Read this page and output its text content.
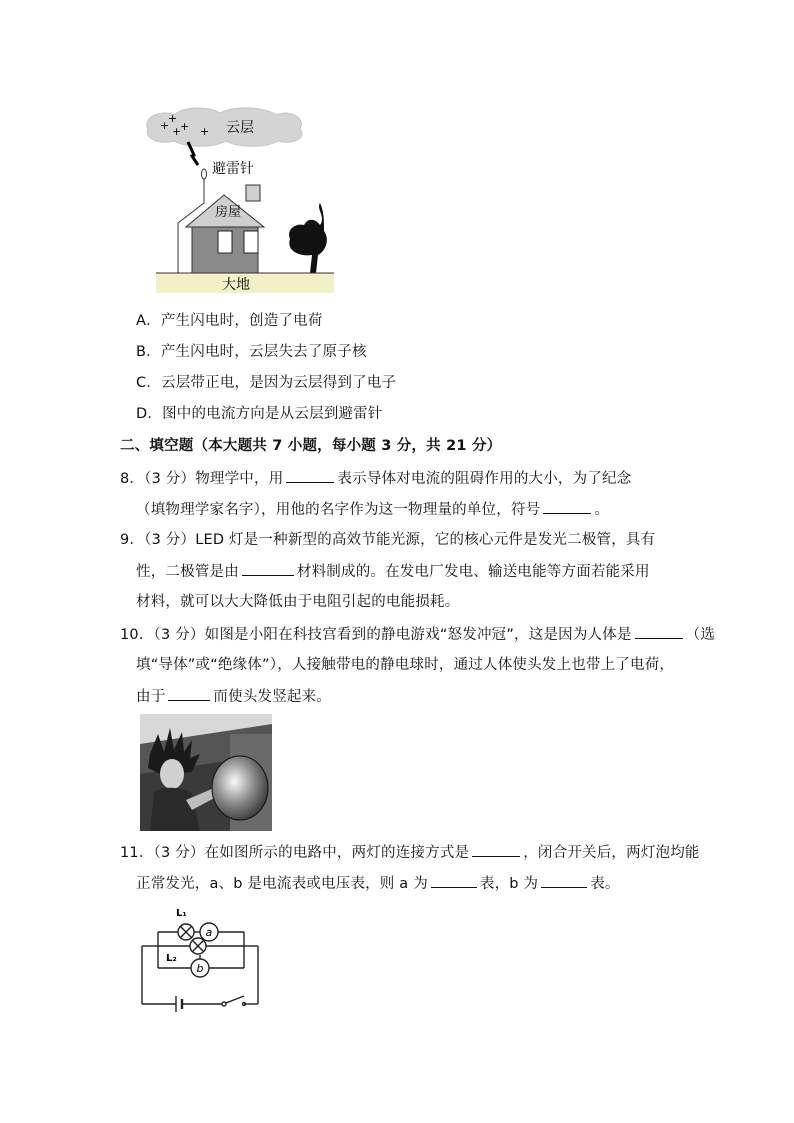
+
+
+
+ + 云层
避雷针
房屋
大地
A．产生闪电时，创造了电荷
B．产生闪电时，云层失去了原子核
C．云层带正电，是因为云层得到了电子
D．图中的电流方向是从云层到避雷针
二、填空题（本大题共 7 小题，每小题 3 分，共 21 分）
8．（3 分）物理学中，用	表示导体对电流的阻碍作用的大小，为了纪念
（填物理学家名字），用他的名字作为这一物理量的单位，符号	。
9．（3 分）LED 灯是一种新型的高效节能光源，它的核心元件是发光二极管，具有
性，二极管是由	材料制成的。在发电厂发电、输送电能等方面若能采用
材料，就可以大大降低由于电阻引起的电能损耗。
10．（3 分）如图是小阳在科技宫看到的静电游戏“怒发冲冠”，这是因为人体是	（选
填“导体”或“绝缘体”），人接触带电的静电球时，通过人体使头发上也带上了电荷，
由于	而使头发竖起来。
11．（3 分）在如图所示的电路中，两灯的连接方式是	，闭合开关后，两灯泡均能
正常发光，a、b 是电流表或电压表，则 a 为	表，b 为	表。
L₁
L₂
a
b
